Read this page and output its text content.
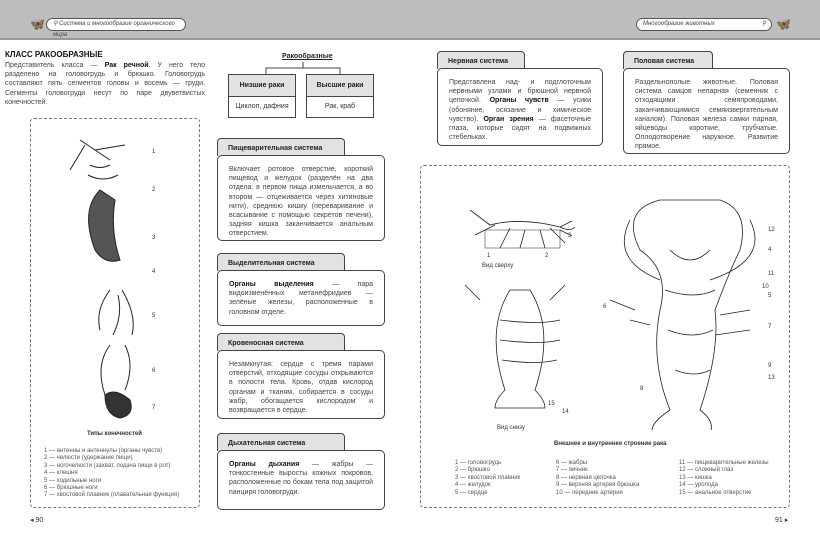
🦋	⚲ Система и многообразие органического мира
Многообразие животных	⚲ 🦋
КЛАСС РАКООБРАЗНЫЕ

Представитель класса — Рак речной. У него тело разделено на головогрудь и брюшко. Головогрудь составляют пять сегментов головы и восемь — груди. Сегменты головогруди несут по паре двуветвистых конечностей.

Ракообразные
Низшие раки
Циклоп, дафния
Высшие раки
Рак, краб
1
2
3
4
5
6
7
Типы конечностей
1 — антенны и антеннулы (органы чувств)
2 — челюсти (удержание пищи)
3 — ногочелюсти (захват, подача пищи в рот)
4 — клешня
5 — ходильные ноги
6 — брюшные ноги
7 — хвостовой плавник (плавательная функция)
Пищеварительная система
Включает ротовое отверстие, короткий пищевод и желудок (разделён на два отдела: в первом пища измельчается, а во втором — отцеживается через хитиновые нити), среднюю кишку (переваривание и всасывание с помощью секретов печени), задняя кишка заканчивается анальным отверстием.
Выделительная система
Органы выделения — пара видоизменённых метанефридиев — зелёные железы, расположенные в головном отделе.
Кровеносная система
Незамкнутая: сердце с тремя парами отверстий, отходящие сосуды открываются в полости тела. Кровь, отдав кислород органам и тканям, собирается в сосуды жабр, обогащается кислородом и возвращается в сердце.
Дыхательная система
Органы дыхания — жабры — тонкостенные выросты кожных покровов, расположенные по бокам тела под защитой панциря головогруди.
◂ 90
Нервная система
Представлена над- и подглоточным нервными узлами и брюшной нервной цепочкой. Органы чувств — усики (обоняние, осязание и химическое чувство). Орган зрения — фасеточные глаза, которые сидят на подвижных стебельках.
Половая система
Раздельнополые животные. Половая система самцов непарная (семенник с отходящими семяпроводами, заканчивающимися семяизвергательным каналом). Половая железа самки парная, яйцеводы короткие, трубчатые. Оплодотворение наружное. Развитие прямое.
1	2
3
15
14
12
4
11
10
5
6
7
9
13
8
Вид сверху
Вид снизу
Внешнее и внутреннее строение рака
1 — головогрудь
2 — брюшко
3 — хвостовой плавник
4 — желудок
5 — сердце
6 — жабры
7 — яичник
8 — нервная цепочка
9 — верхняя артерия брюшка
10 — передние артерии
11 — пищеварительные железы
12 — сложный глаз
13 — кишка
14 — уропода
15 — анальное отверстие
91 ▸
